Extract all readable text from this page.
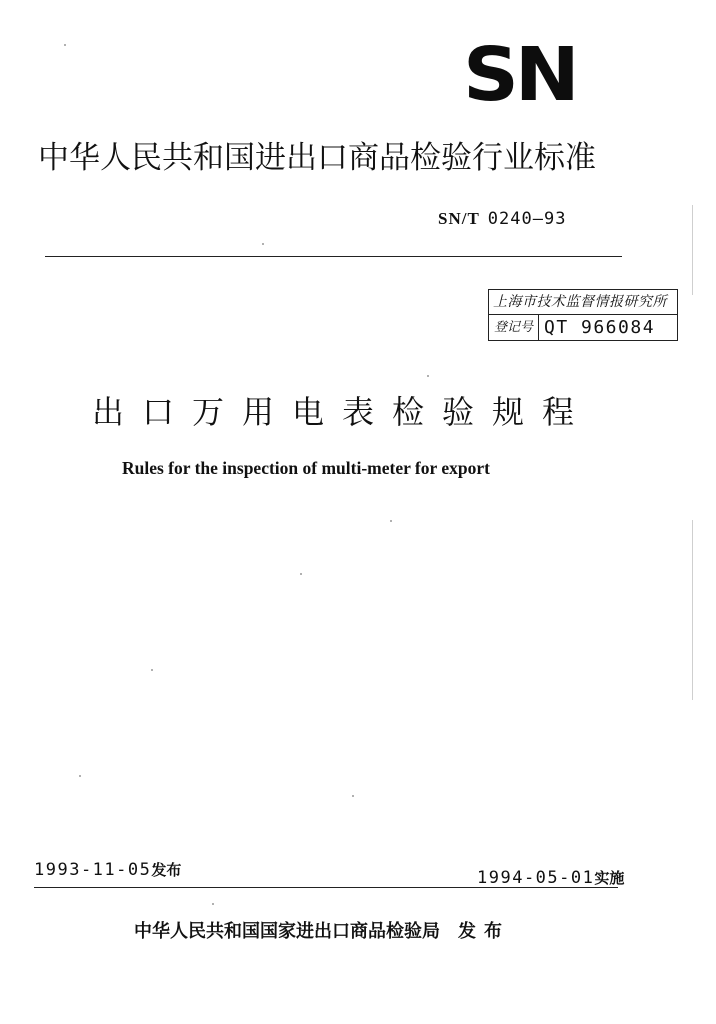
SN
中华人民共和国进出口商品检验行业标准
SN/T 0240—93
上海市技术监督情报研究所
登记号 QT 966084
出口万用电表检验规程
Rules for the inspection of multi-meter for export
1993-11-05发布	1994-05-01实施
中华人民共和国国家进出口商品检验局 发布
